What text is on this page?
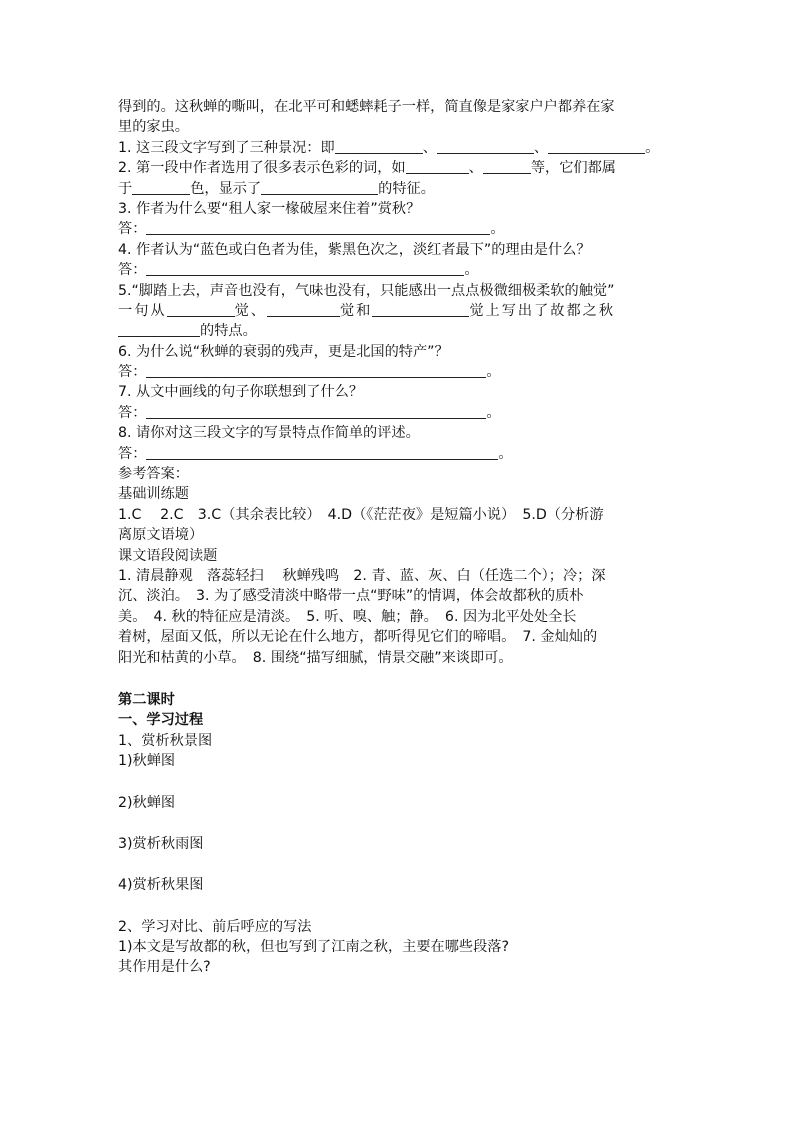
得到的。这秋蝉的嘶叫，在北平可和蟋蟀耗子一样，简直像是家家户户都养在家
里的家虫。
1. 这三段文字写到了三种景况：即	、	、	。
2. 第一段中作者选用了很多表示色彩的词，如	、	等，它们都属
于	色，显示了	的特征。
3. 作者为什么要“租人家一椽破屋来住着”赏秋？
答：	。
4. 作者认为“蓝色或白色者为佳，紫黑色次之，淡红者最下”的理由是什么？
答：	。
5.“脚踏上去，声音也没有，气味也没有，只能感出一点点极微细极柔软的触觉”
一句从	觉、	觉和	觉上写出了故都之秋
的特点。
6. 为什么说“秋蝉的衰弱的残声，更是北国的特产”？
答：	。
7. 从文中画线的句子你联想到了什么？
答：	。
8. 请你对这三段文字的写景特点作简单的评述。
答：	。
参考答案：
基础训练题
1.C　 2.C　3.C（其余表比较）　4.D（《茫茫夜》是短篇小说）　5.D（分析游
离原文语境）
课文语段阅读题
1. 清晨静观　落蕊轻扫　 秋蝉残鸣　2. 青、蓝、灰、白（任选二个）；冷；深
沉、淡泊。　3. 为了感受清淡中略带一点“野味”的情调，体会故都秋的质朴
美。　4. 秋的特征应是清淡。　5. 听、嗅、触；静。　6. 因为北平处处全长
着树，屋面又低，所以无论在什么地方，都听得见它们的啼唱。　7. 金灿灿的
阳光和枯黄的小草。　8. 围绕“描写细腻，情景交融”来谈即可。
第二课时
一、学习过程
1、赏析秋景图
1)秋蝉图
2)秋蝉图
3)赏析秋雨图
4)赏析秋果图
2、学习对比、前后呼应的写法
1)本文是写故都的秋，但也写到了江南之秋，主要在哪些段落?
其作用是什么?
